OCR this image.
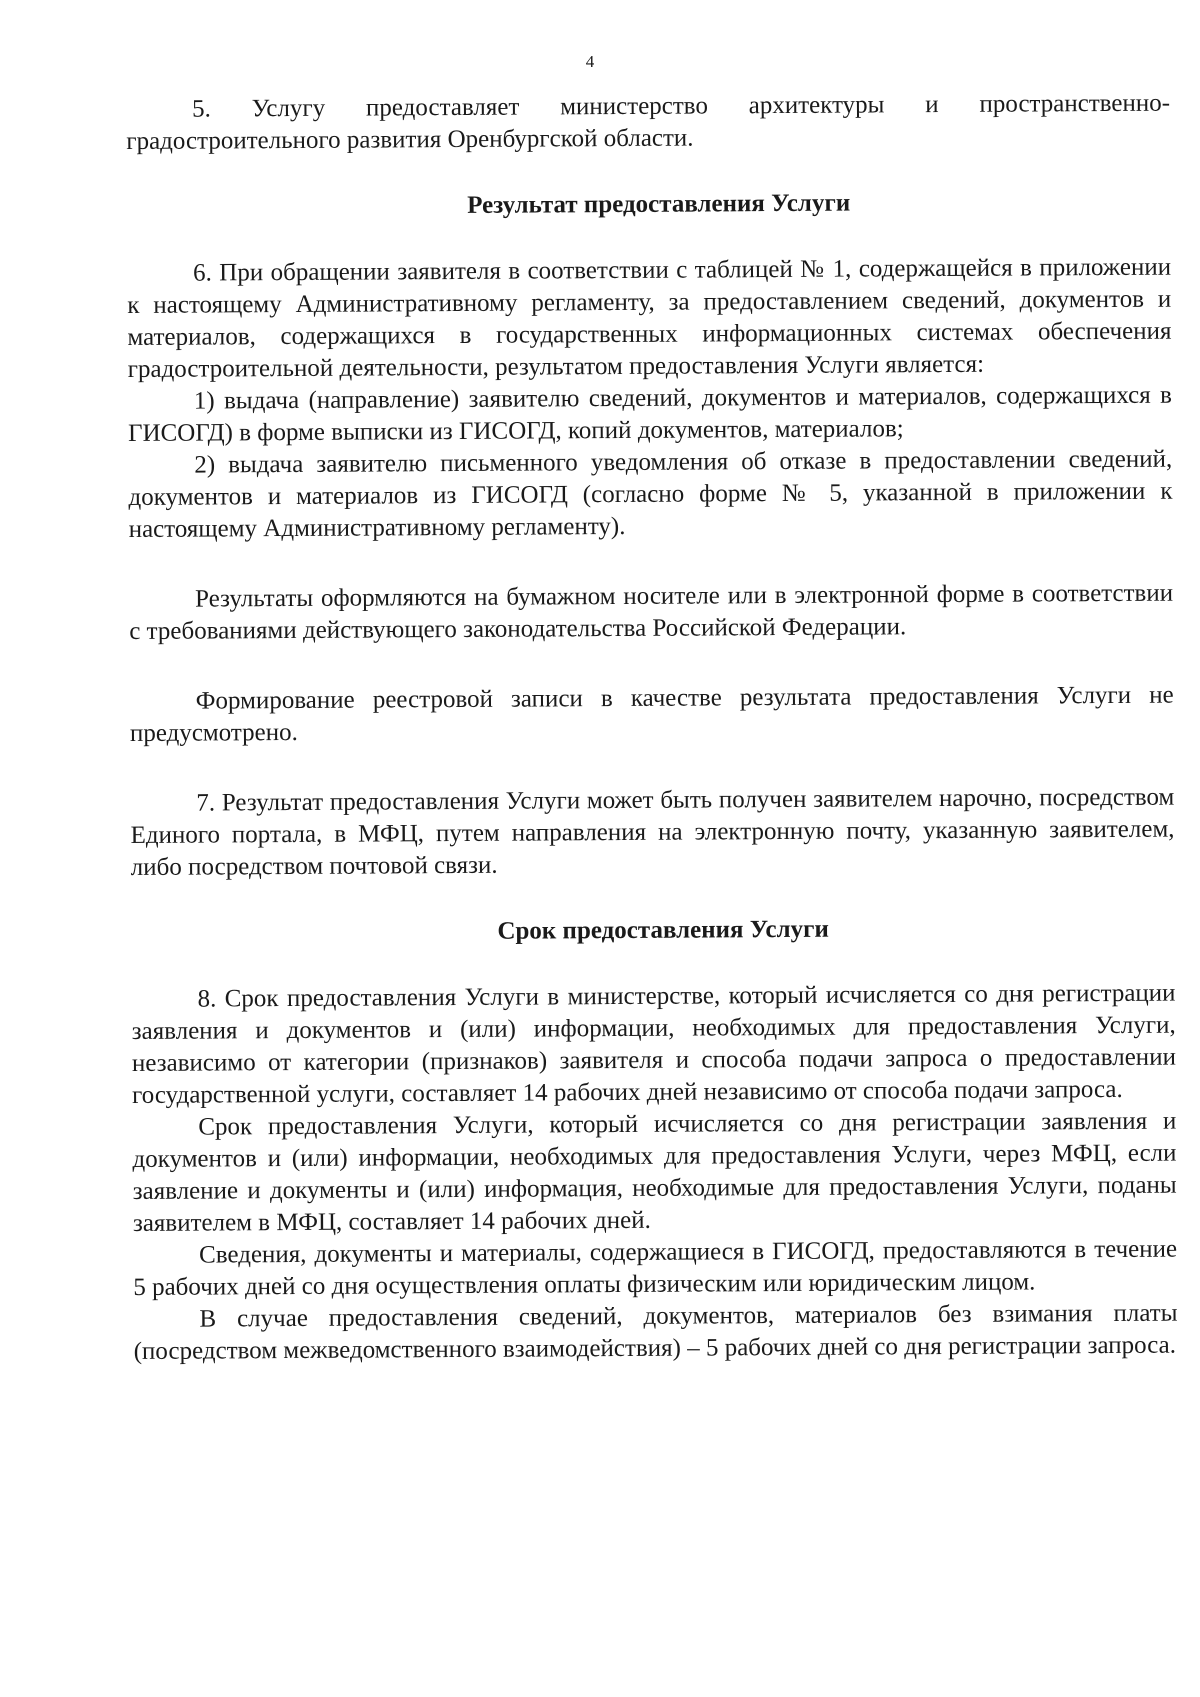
4

5. Услугу предоставляет министерство архитектуры и пространственно-градостроительного развития Оренбургской области.

Результат предоставления Услуги

6. При обращении заявителя в соответствии с таблицей № 1, содержащейся в приложении к настоящему Административному регламенту, за предоставлением сведений, документов и материалов, содержащихся в государственных информационных системах обеспечения градостроительной деятельности, результатом предоставления Услуги является:

1) выдача (направление) заявителю сведений, документов и материалов, содержащихся в ГИСОГД) в форме выписки из ГИСОГД, копий документов, материалов;

2) выдача заявителю письменного уведомления об отказе в предоставлении сведений, документов и материалов из ГИСОГД (согласно форме № 5, указанной в приложении к настоящему Административному регламенту).

Результаты оформляются на бумажном носителе или в электронной форме в соответствии с требованиями действующего законодательства Российской Федерации.

Формирование реестровой записи в качестве результата предоставления Услуги не предусмотрено.

7. Результат предоставления Услуги может быть получен заявителем нарочно, посредством Единого портала, в МФЦ, путем направления на электронную почту, указанную заявителем, либо посредством почтовой связи.

Срок предоставления Услуги

8. Срок предоставления Услуги в министерстве, который исчисляется со дня регистрации заявления и документов и (или) информации, необходимых для предоставления Услуги, независимо от категории (признаков) заявителя и способа подачи запроса о предоставлении государственной услуги, составляет 14 рабочих дней независимо от способа подачи запроса.

Срок предоставления Услуги, который исчисляется со дня регистрации заявления и документов и (или) информации, необходимых для предоставления Услуги, через МФЦ, если заявление и документы и (или) информация, необходимые для предоставления Услуги, поданы заявителем в МФЦ, составляет 14 рабочих дней.

Сведения, документы и материалы, содержащиеся в ГИСОГД, предоставляются в течение 5 рабочих дней со дня осуществления оплаты физическим или юридическим лицом.

В случае предоставления сведений, документов, материалов без взимания платы (посредством межведомственного взаимодействия) – 5 рабочих дней со дня регистрации запроса.
